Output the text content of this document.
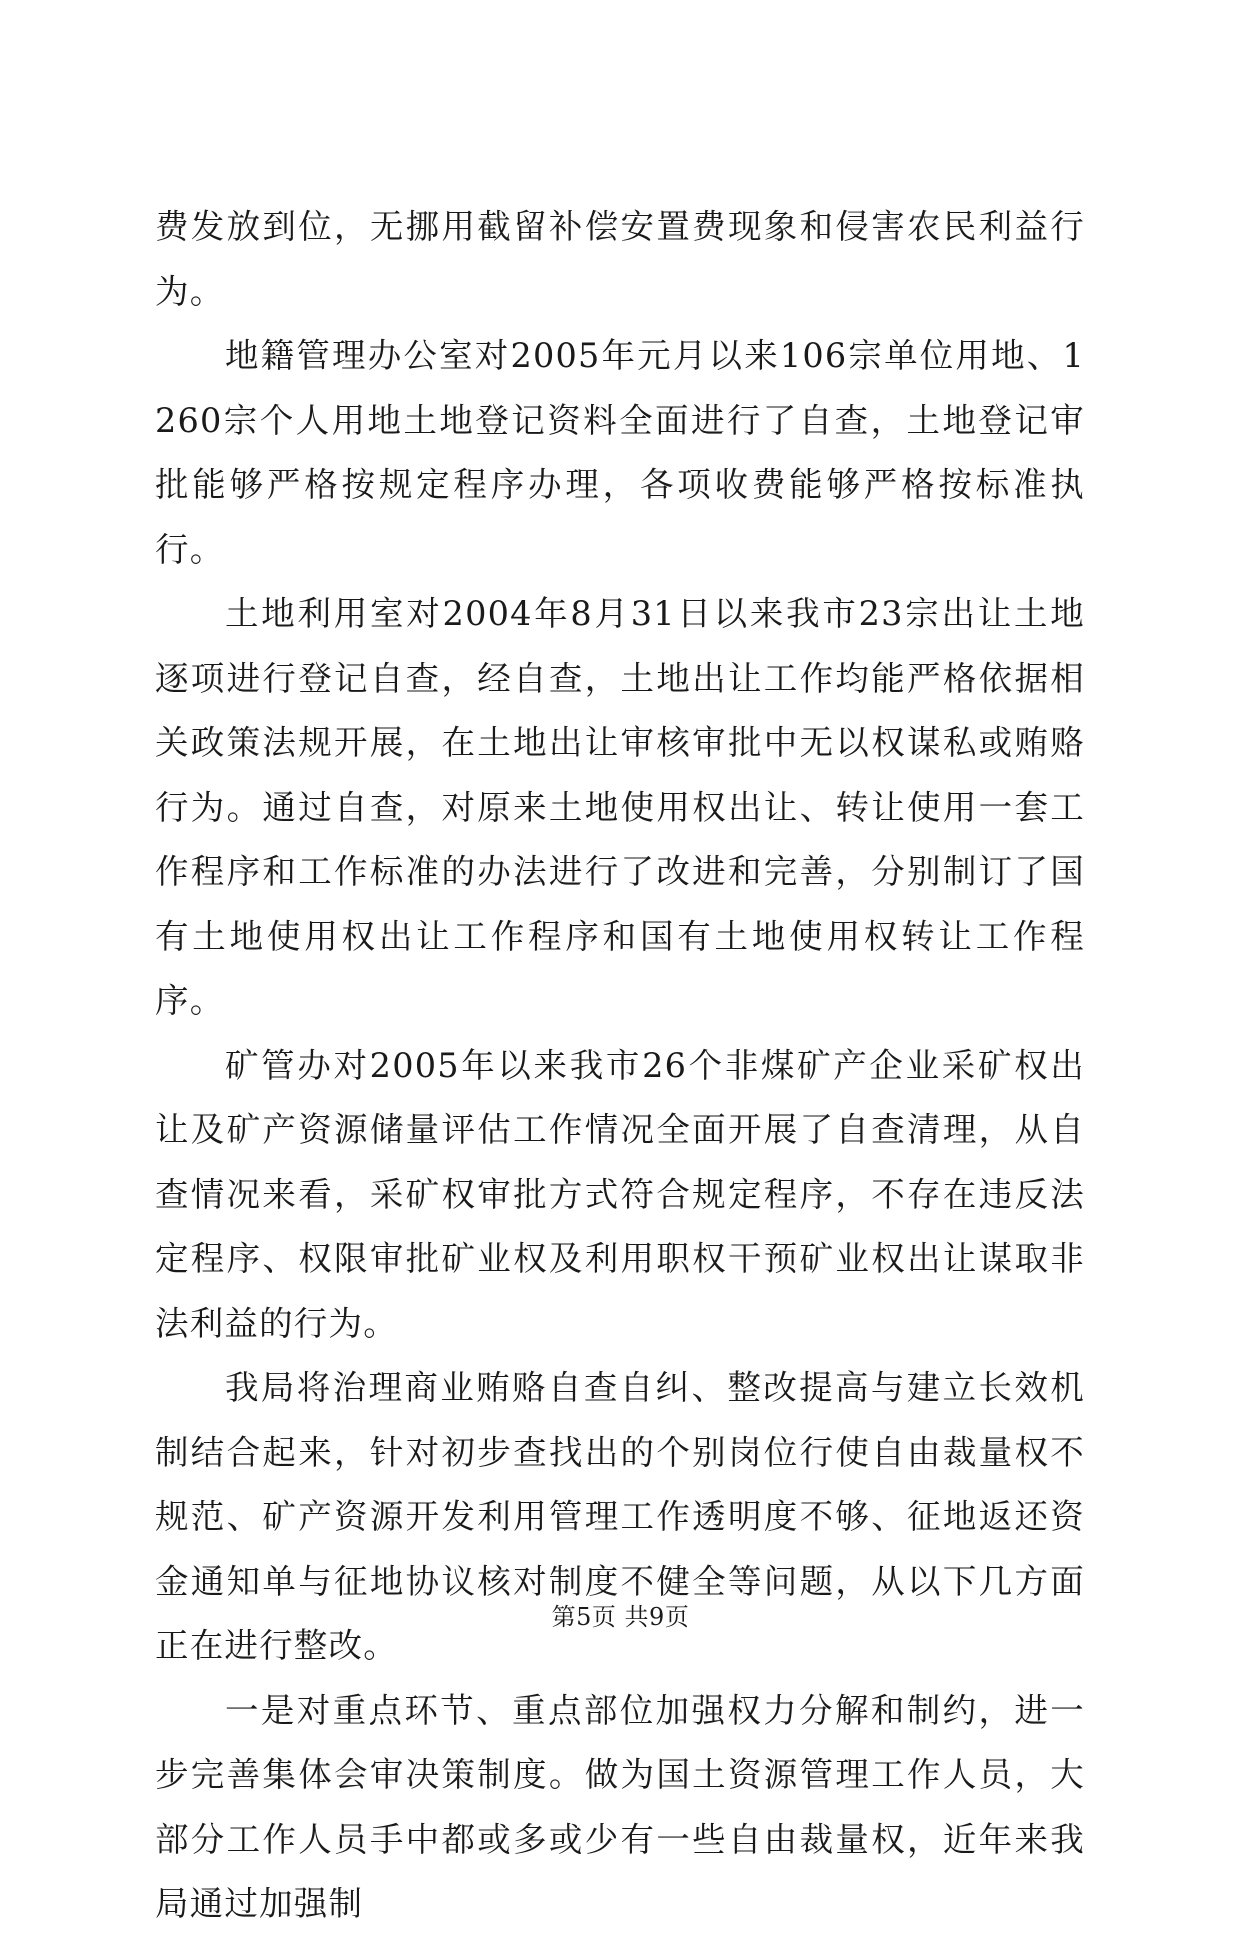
费发放到位，无挪用截留补偿安置费现象和侵害农民利益行为。

地籍管理办公室对2005年元月以来106宗单位用地、1260宗个人用地土地登记资料全面进行了自查，土地登记审批能够严格按规定程序办理，各项收费能够严格按标准执行。

土地利用室对2004年8月31日以来我市23宗出让土地逐项进行登记自查，经自查，土地出让工作均能严格依据相关政策法规开展，在土地出让审核审批中无以权谋私或贿赂行为。通过自查，对原来土地使用权出让、转让使用一套工作程序和工作标准的办法进行了改进和完善，分别制订了国有土地使用权出让工作程序和国有土地使用权转让工作程序。

矿管办对2005年以来我市26个非煤矿产企业采矿权出让及矿产资源储量评估工作情况全面开展了自查清理，从自查情况来看，采矿权审批方式符合规定程序，不存在违反法定程序、权限审批矿业权及利用职权干预矿业权出让谋取非法利益的行为。

我局将治理商业贿赂自查自纠、整改提高与建立长效机制结合起来，针对初步查找出的个别岗位行使自由裁量权不规范、矿产资源开发利用管理工作透明度不够、征地返还资金通知单与征地协议核对制度不健全等问题，从以下几方面正在进行整改。

一是对重点环节、重点部位加强权力分解和制约，进一步完善集体会审决策制度。做为国土资源管理工作人员，大部分工作人员手中都或多或少有一些自由裁量权，近年来我局通过加强制

第5页 共9页
